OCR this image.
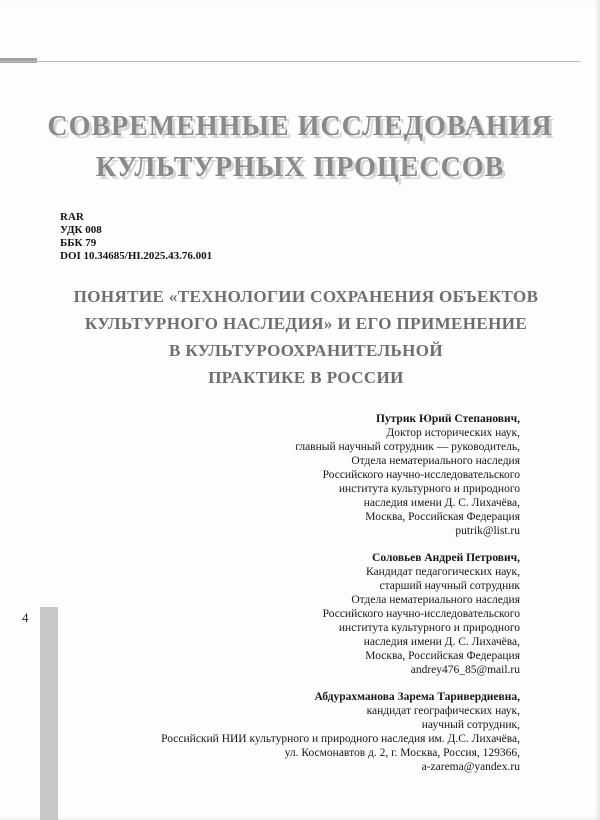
СОВРЕМЕННЫЕ ИССЛЕДОВАНИЯ
КУЛЬТУРНЫХ ПРОЦЕССОВ
RAR
УДК 008
ББК 79
DOI 10.34685/HI.2025.43.76.001
ПОНЯТИЕ «ТЕХНОЛОГИИ СОХРАНЕНИЯ ОБЪЕКТОВ
КУЛЬТУРНОГО НАСЛЕДИЯ» И ЕГО ПРИМЕНЕНИЕ
В КУЛЬТУРООХРАНИТЕЛЬНОЙ
ПРАКТИКЕ В РОССИИ
Путрик Юрий Степанович,
Доктор исторических наук,
главный научный сотрудник — руководитель,
Отдела нематериального наследия
Российского научно-исследовательского
института культурного и природного
наследия имени Д. С. Лихачёва,
Москва, Российская Федерация
putrik@list.ru
Соловьев Андрей Петрович,
Кандидат педагогических наук,
старший научный сотрудник
Отдела нематериального наследия
Российского научно-исследовательского
института культурного и природного
наследия имени Д. С. Лихачёва,
Москва, Российская Федерация
andrey476_85@mail.ru
Абдурахманова Зарема Таривердиевна,
кандидат географических наук,
научный сотрудник,
Российский НИИ культурного и природного наследия им. Д.С. Лихачёва,
ул. Космонавтов д. 2, г. Москва, Россия, 129366,
a-zarema@yandex.ru
4
